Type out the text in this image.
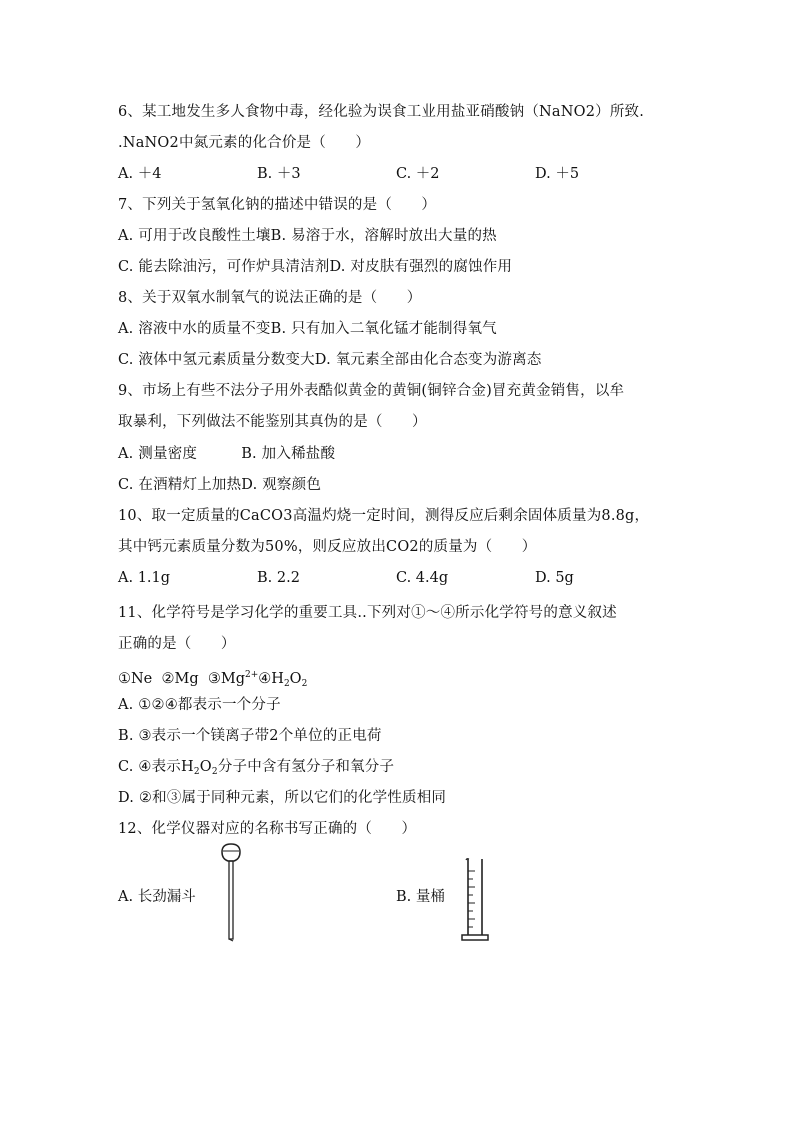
6、某工地发生多人食物中毒，经化验为误食工业用盐亚硝酸钠（NaNO2）所致.
.NaNO2中氮元素的化合价是（　　）
A. ＋4	B. ＋3	C. ＋2	D. ＋5
7、下列关于氢氧化钠的描述中错误的是（　　）
A. 可用于改良酸性土壤B. 易溶于水，溶解时放出大量的热
C. 能去除油污，可作炉具清洁剂D. 对皮肤有强烈的腐蚀作用
8、关于双氧水制氧气的说法正确的是（　　）
A. 溶液中水的质量不变B. 只有加入二氧化锰才能制得氧气
C. 液体中氢元素质量分数变大D. 氧元素全部由化合态变为游离态
9、市场上有些不法分子用外表酷似黄金的黄铜(铜锌合金)冒充黄金销售，以牟
取暴利，下列做法不能鉴别其真伪的是（　　）
A. 测量密度　　　B. 加入稀盐酸
C. 在酒精灯上加热D. 观察颜色
10、取一定质量的CaCO3高温灼烧一定时间，测得反应后剩余固体质量为8.8g，
其中钙元素质量分数为50%，则反应放出CO2的质量为（　　）
A. 1.1g	B. 2.2	C. 4.4g	D. 5g
11、化学符号是学习化学的重要工具..下列对①～④所示化学符号的意义叙述
正确的是（　　）
①Ne ②Mg $③Mg^{2+}④H_2O_2$
A. ①②④都表示一个分子
B. ③表示一个镁离子带2个单位的正电荷
C. ④表示$H_2O_2$分子中含有氢分子和氧分子
D. ②和③属于同种元素，所以它们的化学性质相同
12、化学仪器对应的名称书写正确的（　　）
A. 长劲漏斗	B. 量桶
